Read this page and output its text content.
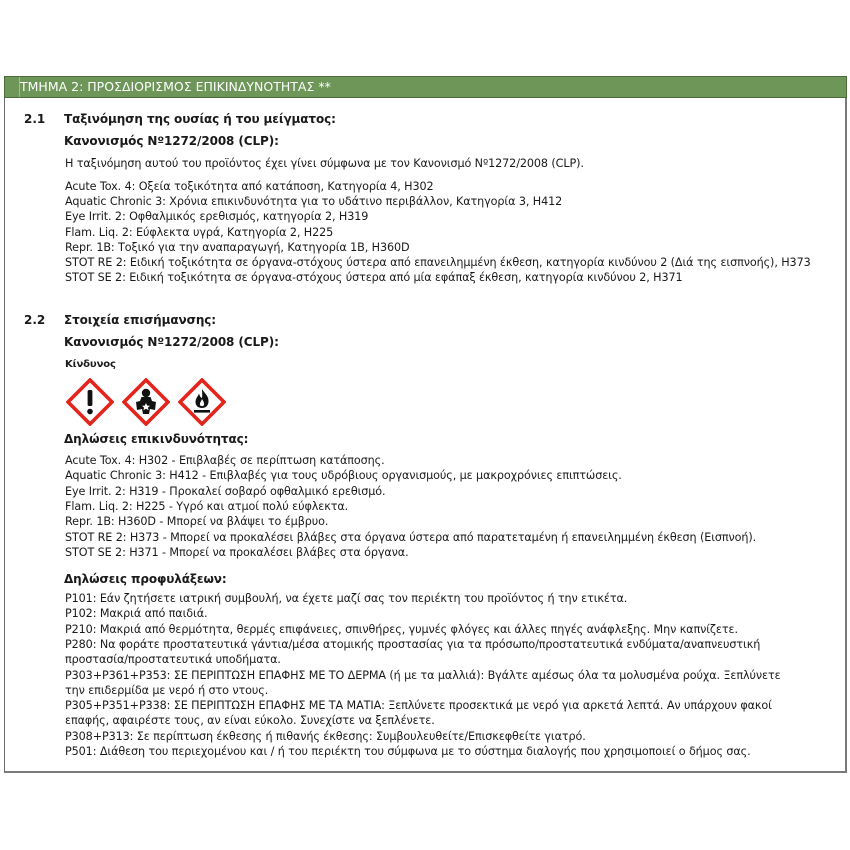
ΤΜΗΜΑ 2: ΠΡΟΣΔΙΟΡΙΣΜΟΣ ΕΠΙΚΙΝΔΥΝΟΤΗΤΑΣ **
2.1 Ταξινόμηση της ουσίας ή του μείγματος:
Κανονισμός Nº1272/2008 (CLP):
Η ταξινόμηση αυτού του προϊόντος έχει γίνει σύμφωνα με τον Κανονισμό Nº1272/2008 (CLP).
Acute Tox. 4: Οξεία τοξικότητα από κατάποση, Κατηγορία 4, H302
Aquatic Chronic 3: Χρόνια επικινδυνότητα για το υδάτινο περιβάλλον, Κατηγορία 3, H412
Eye Irrit. 2: Οφθαλμικός ερεθισμός, κατηγορία 2, H319
Flam. Liq. 2: Εύφλεκτα υγρά, Κατηγορία 2, H225
Repr. 1B: Τοξικό για την αναπαραγωγή, Κατηγορία 1B, H360D
STOT RE 2: Ειδική τοξικότητα σε όργανα-στόχους ύστερα από επανειλημμένη έκθεση, κατηγορία κινδύνου 2 (Διά της εισπνοής), H373
STOT SE 2: Ειδική τοξικότητα σε όργανα-στόχους ύστερα από μία εφάπαξ έκθεση, κατηγορία κινδύνου 2, H371
2.2 Στοιχεία επισήμανσης:
Κανονισμός Nº1272/2008 (CLP):
Κίνδυνος
Δηλώσεις επικινδυνότητας:
Acute Tox. 4: H302 - Επιβλαβές σε περίπτωση κατάποσης.
Aquatic Chronic 3: H412 - Επιβλαβές για τους υδρόβιους οργανισμούς, με μακροχρόνιες επιπτώσεις.
Eye Irrit. 2: H319 - Προκαλεί σοβαρό οφθαλμικό ερεθισμό.
Flam. Liq. 2: H225 - Υγρό και ατμοί πολύ εύφλεκτα.
Repr. 1B: H360D - Μπορεί να βλάψει το έμβρυο.
STOT RE 2: H373 - Μπορεί να προκαλέσει βλάβες στα όργανα ύστερα από παρατεταμένη ή επανειλημμένη έκθεση (Εισπνοή).
STOT SE 2: H371 - Μπορεί να προκαλέσει βλάβες στα όργανα.
Δηλώσεις προφυλάξεων:
P101: Εάν ζητήσετε ιατρική συμβουλή, να έχετε μαζί σας τον περιέκτη του προϊόντος ή την ετικέτα.
P102: Μακριά από παιδιά.
P210: Μακριά από θερμότητα, θερμές επιφάνειες, σπινθήρες, γυμνές φλόγες και άλλες πηγές ανάφλεξης. Μην καπνίζετε.
P280: Να φοράτε προστατευτικά γάντια/μέσα ατομικής προστασίας για τα πρόσωπο/προστατευτικά ενδύματα/αναπνευστική
προστασία/προστατευτικά υποδήματα.
P303+P361+P353: ΣΕ ΠΕΡΙΠΤΩΣΗ ΕΠΑΦΗΣ ΜΕ ΤΟ ΔΕΡΜΑ (ή με τα μαλλιά): Βγάλτε αμέσως όλα τα μολυσμένα ρούχα. Ξεπλύνετε
την επιδερμίδα με νερό ή στο ντους.
P305+P351+P338: ΣΕ ΠΕΡΙΠΤΩΣΗ ΕΠΑΦΗΣ ΜΕ ΤΑ ΜΑΤΙΑ: Ξεπλύνετε προσεκτικά με νερό για αρκετά λεπτά. Αν υπάρχουν φακοί
επαφής, αφαιρέστε τους, αν είναι εύκολο. Συνεχίστε να ξεπλένετε.
P308+P313: Σε περίπτωση έκθεσης ή πιθανής έκθεσης: Συμβουλευθείτε/Επισκεφθείτε γιατρό.
P501: Διάθεση του περιεχομένου και / ή του περιέκτη του σύμφωνα με το σύστημα διαλογής που χρησιμοποιεί ο δήμος σας.
